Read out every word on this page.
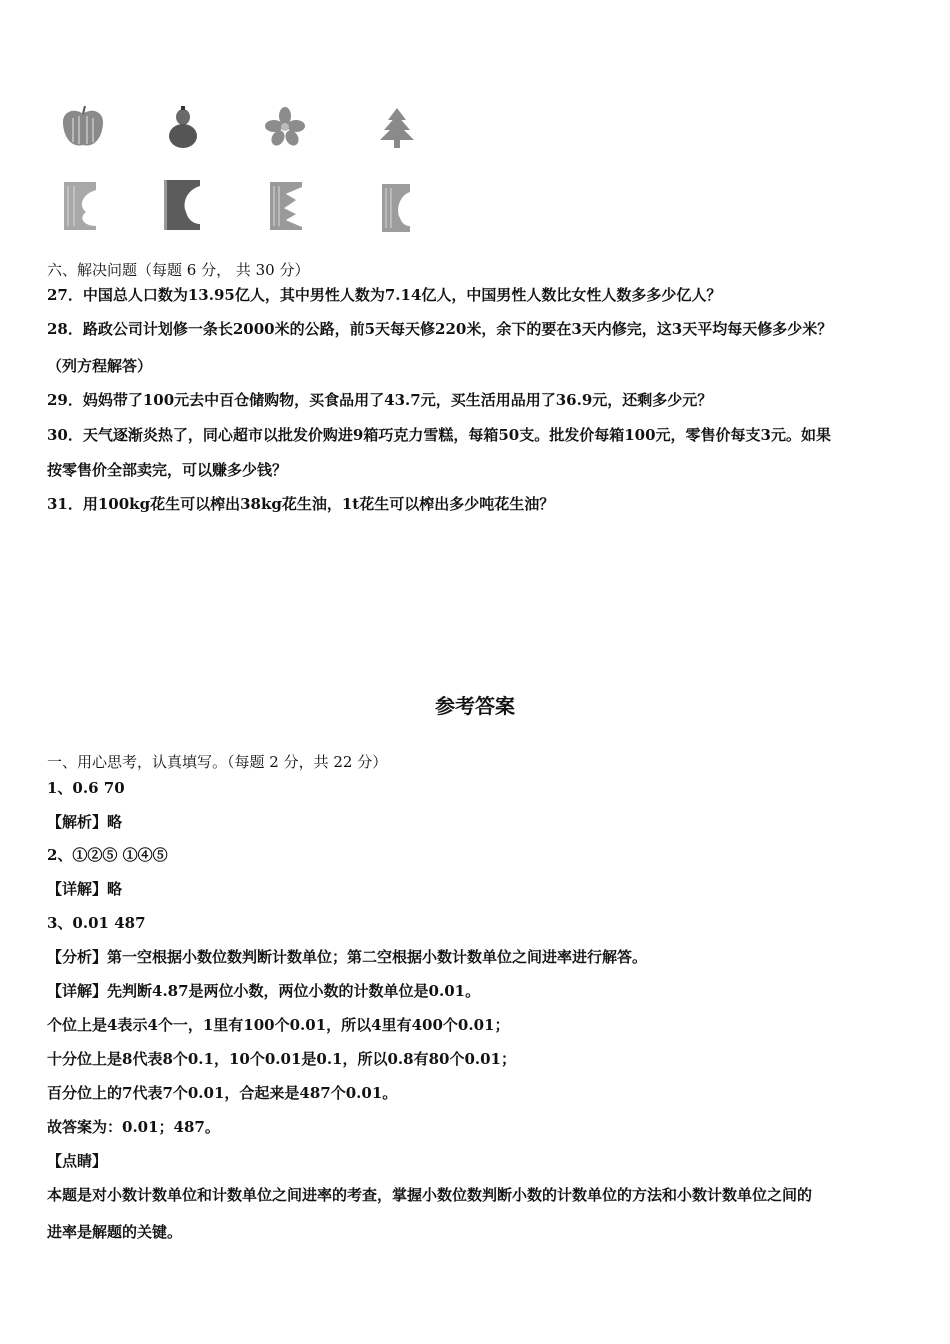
六、解决问题（每题 6 分， 共 30 分）
27．中国总人口数为13.95亿人，其中男性人数为7.14亿人，中国男性人数比女性人数多多少亿人？
28．路政公司计划修一条长2000米的公路，前5天每天修220米，余下的要在3天内修完，这3天平均每天修多少米？
（列方程解答）
29．妈妈带了100元去中百仓储购物，买食品用了43.7元，买生活用品用了36.9元，还剩多少元？
30．天气逐渐炎热了，同心超市以批发价购进9箱巧克力雪糕，每箱50支。批发价每箱100元，零售价每支3元。如果
按零售价全部卖完，可以赚多少钱？
31．用100kg花生可以榨出38kg花生油，1t花生可以榨出多少吨花生油？
参考答案
一、用心思考，认真填写。（每题 2 分，共 22 分）
1、0.6 70
【解析】略
2、①②⑤ ①④⑤
【详解】略
3、0.01 487
【分析】第一空根据小数位数判断计数单位；第二空根据小数计数单位之间进率进行解答。
【详解】先判断4.87是两位小数，两位小数的计数单位是0.01。
个位上是4表示4个一，1里有100个0.01，所以4里有400个0.01；
十分位上是8代表8个0.1，10个0.01是0.1，所以0.8有80个0.01；
百分位上的7代表7个0.01，合起来是487个0.01。
故答案为：0.01；487。
【点睛】
本题是对小数计数单位和计数单位之间进率的考查，掌握小数位数判断小数的计数单位的方法和小数计数单位之间的
进率是解题的关键。
